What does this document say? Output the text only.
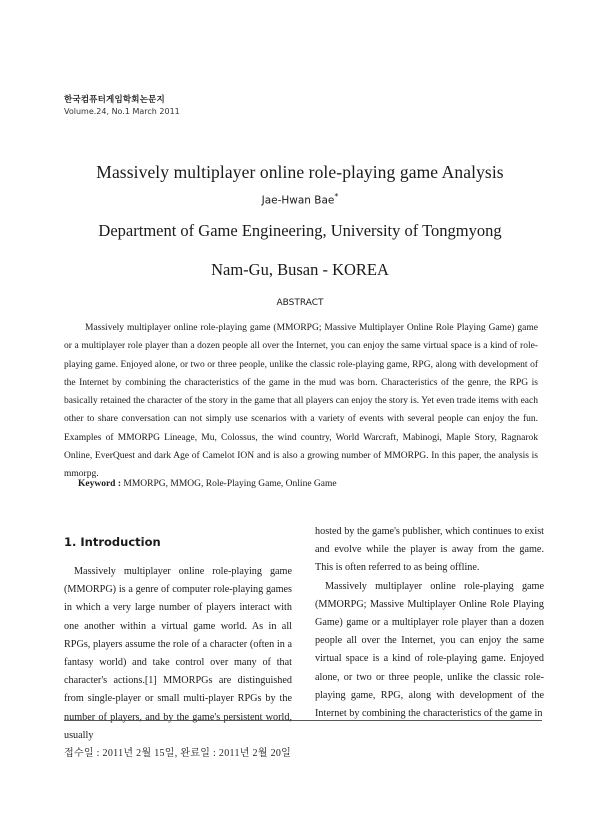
한국컴퓨터게임학회논문지
Volume.24, No.1 March 2011
Massively multiplayer online role-playing game Analysis
Jae-Hwan Bae*
Department of Game Engineering, University of Tongmyong
Nam-Gu, Busan - KOREA
ABSTRACT

Massively multiplayer online role-playing game (MMORPG; Massive Multiplayer Online Role Playing Game) game or a multiplayer role player than a dozen people all over the Internet, you can enjoy the same virtual space is a kind of role-playing game. Enjoyed alone, or two or three people, unlike the classic role-playing game, RPG, along with development of the Internet by combining the characteristics of the game in the mud was born. Characteristics of the genre, the RPG is basically retained the character of the story in the game that all players can enjoy the story is. Yet even trade items with each other to share conversation can not simply use scenarios with a variety of events with several people can enjoy the fun. Examples of MMORPG Lineage, Mu, Colossus, the wind country, World Warcraft, Mabinogi, Maple Story, Ragnarok Online, EverQuest and dark Age of Camelot ION and is also a growing number of MMORPG. In this paper, the analysis is mmorpg.

Keyword : MMORPG, MMOG, Role-Playing Game, Online Game
1. Introduction

Massively multiplayer online role-playing game (MMORPG) is a genre of computer role-playing games in which a very large number of players interact with one another within a virtual game world. As in all RPGs, players assume the role of a character (often in a fantasy world) and take control over many of that character's actions.[1] MMORPGs are distinguished from single-player or small multi-player RPGs by the number of players, and by the game's persistent world, usually

hosted by the game's publisher, which continues to exist and evolve while the player is away from the game. This is often referred to as being offline.

Massively multiplayer online role-playing game (MMORPG; Massive Multiplayer Online Role Playing Game) game or a multiplayer role player than a dozen people all over the Internet, you can enjoy the same virtual space is a kind of role-playing game. Enjoyed alone, or two or three people, unlike the classic role-playing game, RPG, along with development of the Internet by combining the characteristics of the game in

접수일 : 2011년 2월 15일, 완료일 : 2011년 2월 20일
